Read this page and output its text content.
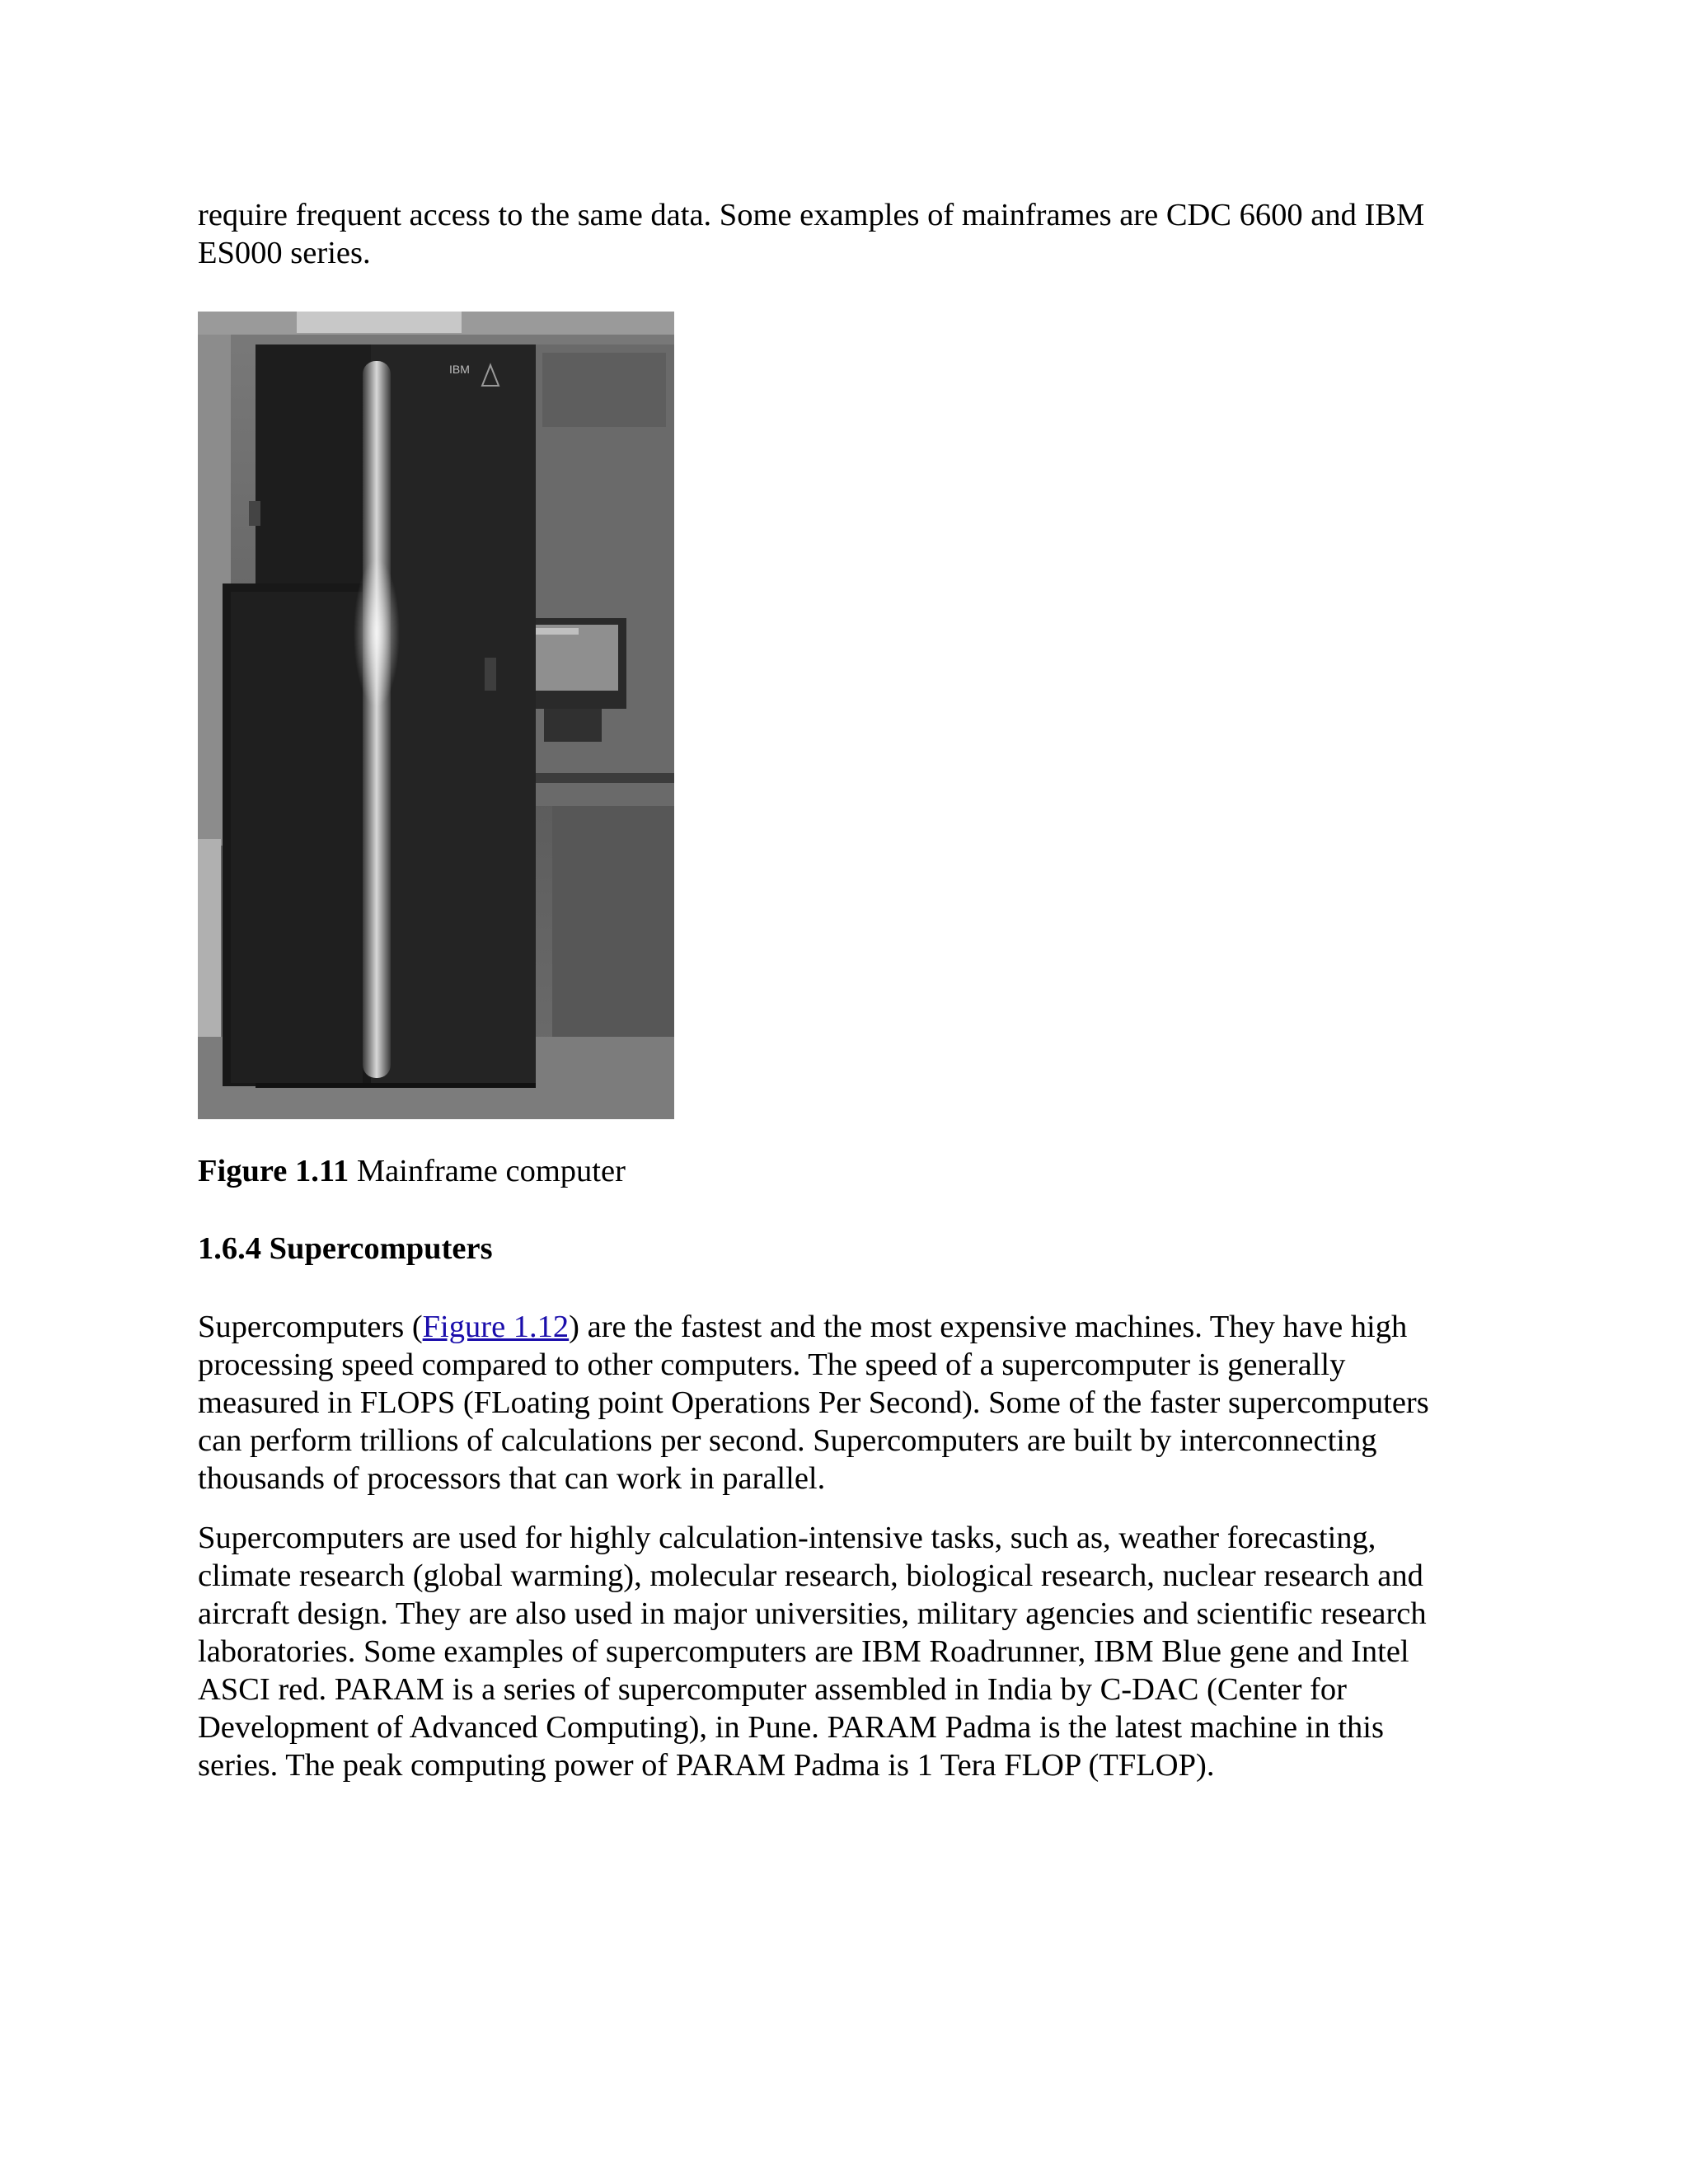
require frequent access to the same data. Some examples of mainframes are CDC 6600 and IBM
ES000 series.
IBM
Figure 1.11 Mainframe computer
1.6.4 Supercomputers
Supercomputers (Figure 1.12) are the fastest and the most expensive machines. They have high
processing speed compared to other computers. The speed of a supercomputer is generally
measured in FLOPS (FLoating point Operations Per Second). Some of the faster supercomputers
can perform trillions of calculations per second. Supercomputers are built by interconnecting
thousands of processors that can work in parallel.
Supercomputers are used for highly calculation-intensive tasks, such as, weather forecasting,
climate research (global warming), molecular research, biological research, nuclear research and
aircraft design. They are also used in major universities, military agencies and scientific research
laboratories. Some examples of supercomputers are IBM Roadrunner, IBM Blue gene and Intel
ASCI red. PARAM is a series of supercomputer assembled in India by C-DAC (Center for
Development of Advanced Computing), in Pune. PARAM Padma is the latest machine in this
series. The peak computing power of PARAM Padma is 1 Tera FLOP (TFLOP).
